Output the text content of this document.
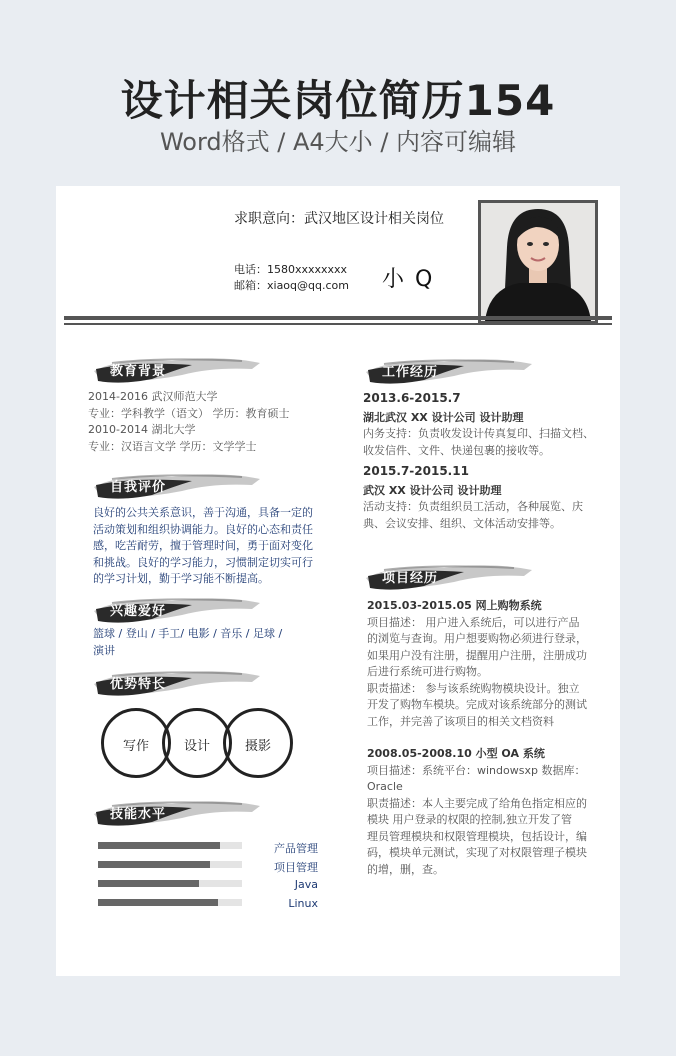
设计相关岗位简历154
Word格式 / A4大小 / 内容可编辑
求职意向：武汉地区设计相关岗位
电话：1580xxxxxxxx
邮箱：xiaoq@qq.com 小 Q
教育背景
2014-2016 武汉师范大学
专业：学科教学（语文） 学历：教育硕士
2010-2014 湖北大学
专业：汉语言文学 学历：文学学士
自我评价
良好的公共关系意识，善于沟通，具备一定的
活动策划和组织协调能力。良好的心态和责任
感，吃苦耐劳，擅于管理时间，勇于面对变化
和挑战。良好的学习能力，习惯制定切实可行
的学习计划，勤于学习能不断提高。
兴趣爱好
篮球 / 登山 / 手工/ 电影 / 音乐 / 足球 /
演讲
优势特长
写作	设计	摄影
技能水平
产品管理
项目管理
Java
Linux
工作经历
2013.6-2015.7
湖北武汉 XX 设计公司 设计助理
内务支持：负责收发设计传真复印、扫描文档、
收发信件、文件、快递包裹的接收等。
2015.7-2015.11
武汉 XX 设计公司 设计助理
活动支持：负责组织员工活动，各种展览、庆
典、会议安排、组织、文体活动安排等。
项目经历
2015.03-2015.05 网上购物系统
项目描述： 用户进入系统后，可以进行产品
的浏览与查询。用户想要购物必须进行登录，
如果用户没有注册，提醒用户注册，注册成功
后进行系统可进行购物。
职责描述： 参与该系统购物模块设计。独立
开发了购物车模块。完成对该系统部分的测试
工作，并完善了该项目的相关文档资料
2008.05-2008.10 小型 OA 系统
项目描述：系统平台：windowsxp 数据库：
Oracle
职责描述：本人主要完成了给角色指定相应的
模块 用户登录的权限的控制,独立开发了管
理员管理模块和权限管理模块，包括设计，编
码，模块单元测试，实现了对权限管理子模块
的增，删，查。
